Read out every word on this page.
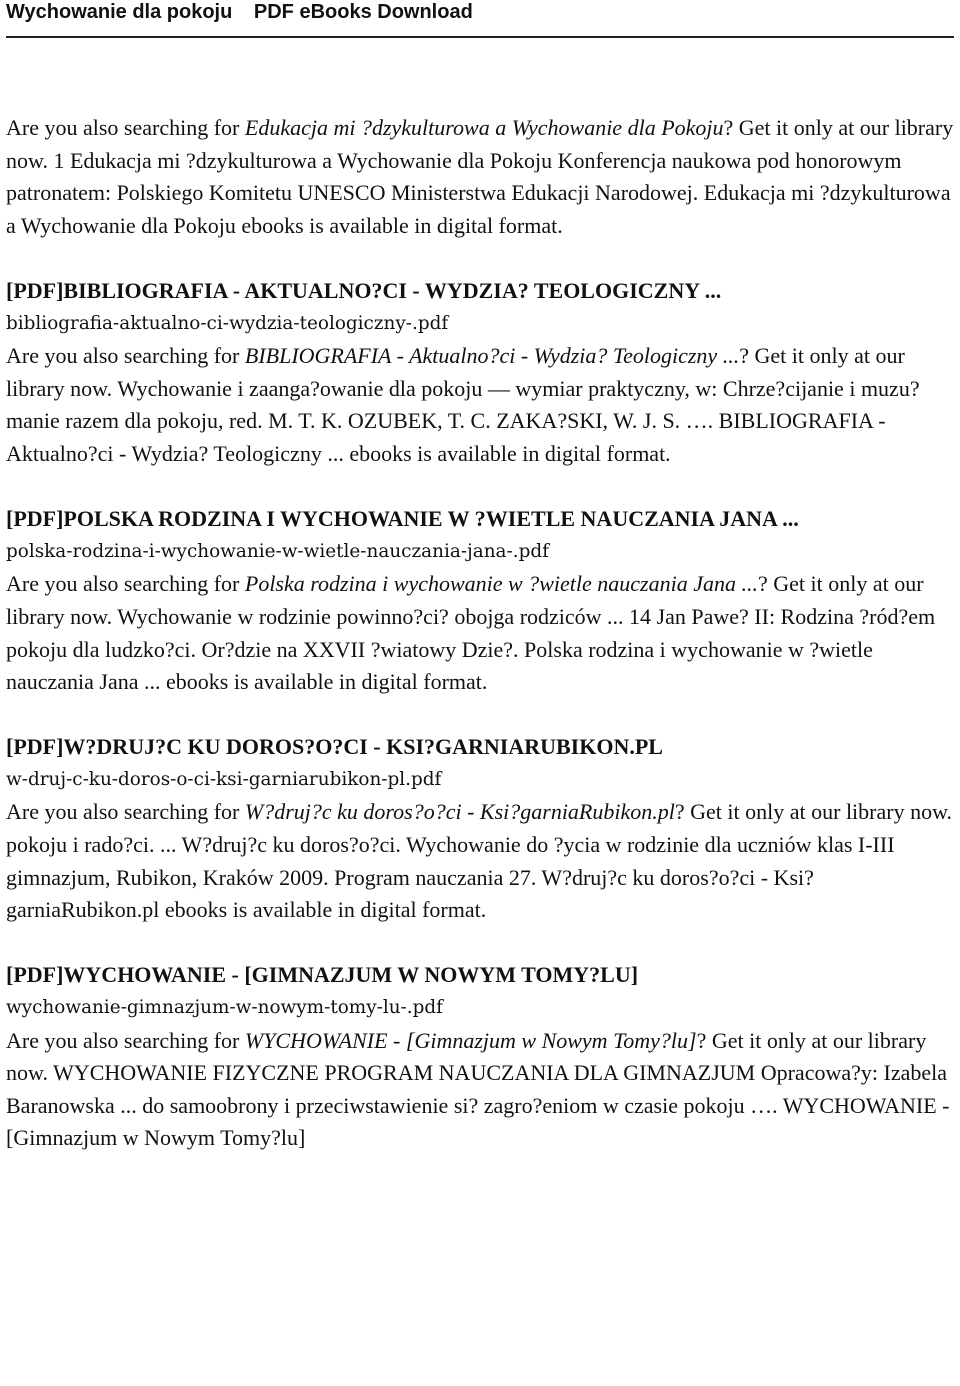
Wychowanie dla pokoju PDF eBooks Download

Are you also searching for Edukacja mi ?dzykulturowa a Wychowanie dla Pokoju? Get it only at our library now. 1 Edukacja mi ?dzykulturowa a Wychowanie dla Pokoju Konferencja naukowa pod honorowym patronatem: Polskiego Komitetu UNESCO Ministerstwa Edukacji Narodowej. Edukacja mi ?dzykulturowa a Wychowanie dla Pokoju ebooks is available in digital format.

[PDF]BIBLIOGRAFIA - AKTUALNO?CI - WYDZIA? TEOLOGICZNY ...

bibliografia-aktualno-ci-wydzia-teologiczny-.pdf

Are you also searching for BIBLIOGRAFIA - Aktualno?ci - Wydzia? Teologiczny ...? Get it only at our library now. Wychowanie i zaanga?owanie dla pokoju — wymiar praktyczny, w: Chrze?cijanie i muzu?manie razem dla pokoju, red. M. T. K. OZUBEK, T. C. ZAKA?SKI, W. J. S. …. BIBLIOGRAFIA - Aktualno?ci - Wydzia? Teologiczny ... ebooks is available in digital format.

[PDF]POLSKA RODZINA I WYCHOWANIE W ?WIETLE NAUCZANIA JANA ...

polska-rodzina-i-wychowanie-w-wietle-nauczania-jana-.pdf

Are you also searching for Polska rodzina i wychowanie w ?wietle nauczania Jana ...? Get it only at our library now. Wychowanie w rodzinie powinno?ci? obojga rodziców ... 14 Jan Pawe? II: Rodzina ?ród?em pokoju dla ludzko?ci. Or?dzie na XXVII ?wiatowy Dzie?. Polska rodzina i wychowanie w ?wietle nauczania Jana ... ebooks is available in digital format.

[PDF]W?DRUJ?C KU DOROS?O?CI - KSI?GARNIARUBIKON.PL

w-druj-c-ku-doros-o-ci-ksi-garniarubikon-pl.pdf

Are you also searching for W?druj?c ku doros?o?ci - Ksi?garniaRubikon.pl? Get it only at our library now. pokoju i rado?ci. ... W?druj?c ku doros?o?ci. Wychowanie do ?ycia w rodzinie dla uczniów klas I-III gimnazjum, Rubikon, Kraków 2009. Program nauczania 27. W?druj?c ku doros?o?ci - Ksi?garniaRubikon.pl ebooks is available in digital format.

[PDF]WYCHOWANIE - [GIMNAZJUM W NOWYM TOMY?LU]

wychowanie-gimnazjum-w-nowym-tomy-lu-.pdf

Are you also searching for WYCHOWANIE - [Gimnazjum w Nowym Tomy?lu]? Get it only at our library now. WYCHOWANIE FIZYCZNE PROGRAM NAUCZANIA DLA GIMNAZJUM Opracowa?y: Izabela Baranowska ... do samoobrony i przeciwstawienie si? zagro?eniom w czasie pokoju …. WYCHOWANIE - [Gimnazjum w Nowym Tomy?lu]
